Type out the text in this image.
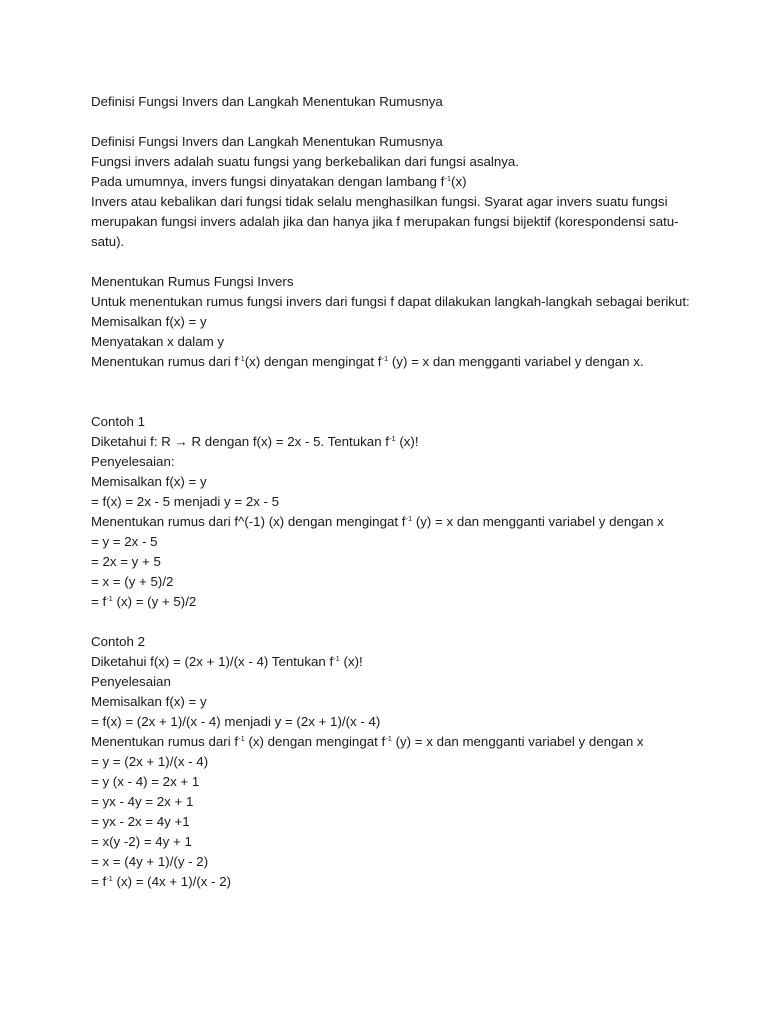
Definisi Fungsi Invers dan Langkah Menentukan Rumusnya
Definisi Fungsi Invers dan Langkah Menentukan Rumusnya
Fungsi invers adalah suatu fungsi yang berkebalikan dari fungsi asalnya.
Pada umumnya, invers fungsi dinyatakan dengan lambang $f^{-1}(x)$
Invers atau kebalikan dari fungsi tidak selalu menghasilkan fungsi. Syarat agar invers suatu fungsi merupakan fungsi invers adalah jika dan hanya jika f merupakan fungsi bijektif (korespondensi satu-satu).
Menentukan Rumus Fungsi Invers
Untuk menentukan rumus fungsi invers dari fungsi f dapat dilakukan langkah-langkah sebagai berikut:
Memisalkan f(x) = y
Menyatakan x dalam y
Menentukan rumus dari $f^{-1}(x)$ dengan mengingat $f^{-1}$ (y) = x dan mengganti variabel y dengan x.
Contoh 1
Diketahui f: R → R dengan f(x) = 2x - 5. Tentukan $f^{-1}$ (x)!
Penyelesaian:
Memisalkan f(x) = y
= f(x) = 2x - 5 menjadi y = 2x - 5
Menentukan rumus dari f^(-1) (x) dengan mengingat $f^{-1}$ (y) = x dan mengganti variabel y dengan x
= y = 2x - 5
= 2x = y + 5
= x = (y + 5)/2
= $f^{-1}$ (x) = (y + 5)/2
Contoh 2
Diketahui f(x) = (2x + 1)/(x - 4) Tentukan $f^{-1}$ (x)!
Penyelesaian
Memisalkan f(x) = y
= f(x) = (2x + 1)/(x - 4) menjadi y = (2x + 1)/(x - 4)
Menentukan rumus dari $f^{-1}$ (x) dengan mengingat $f^{-1}$ (y) = x dan mengganti variabel y dengan x
= y = (2x + 1)/(x - 4)
= y (x - 4) = 2x + 1
= yx - 4y = 2x + 1
= yx - 2x = 4y +1
= x(y -2) = 4y + 1
= x = (4y + 1)/(y - 2)
= $f^{-1}$ (x) = (4x + 1)/(x - 2)
